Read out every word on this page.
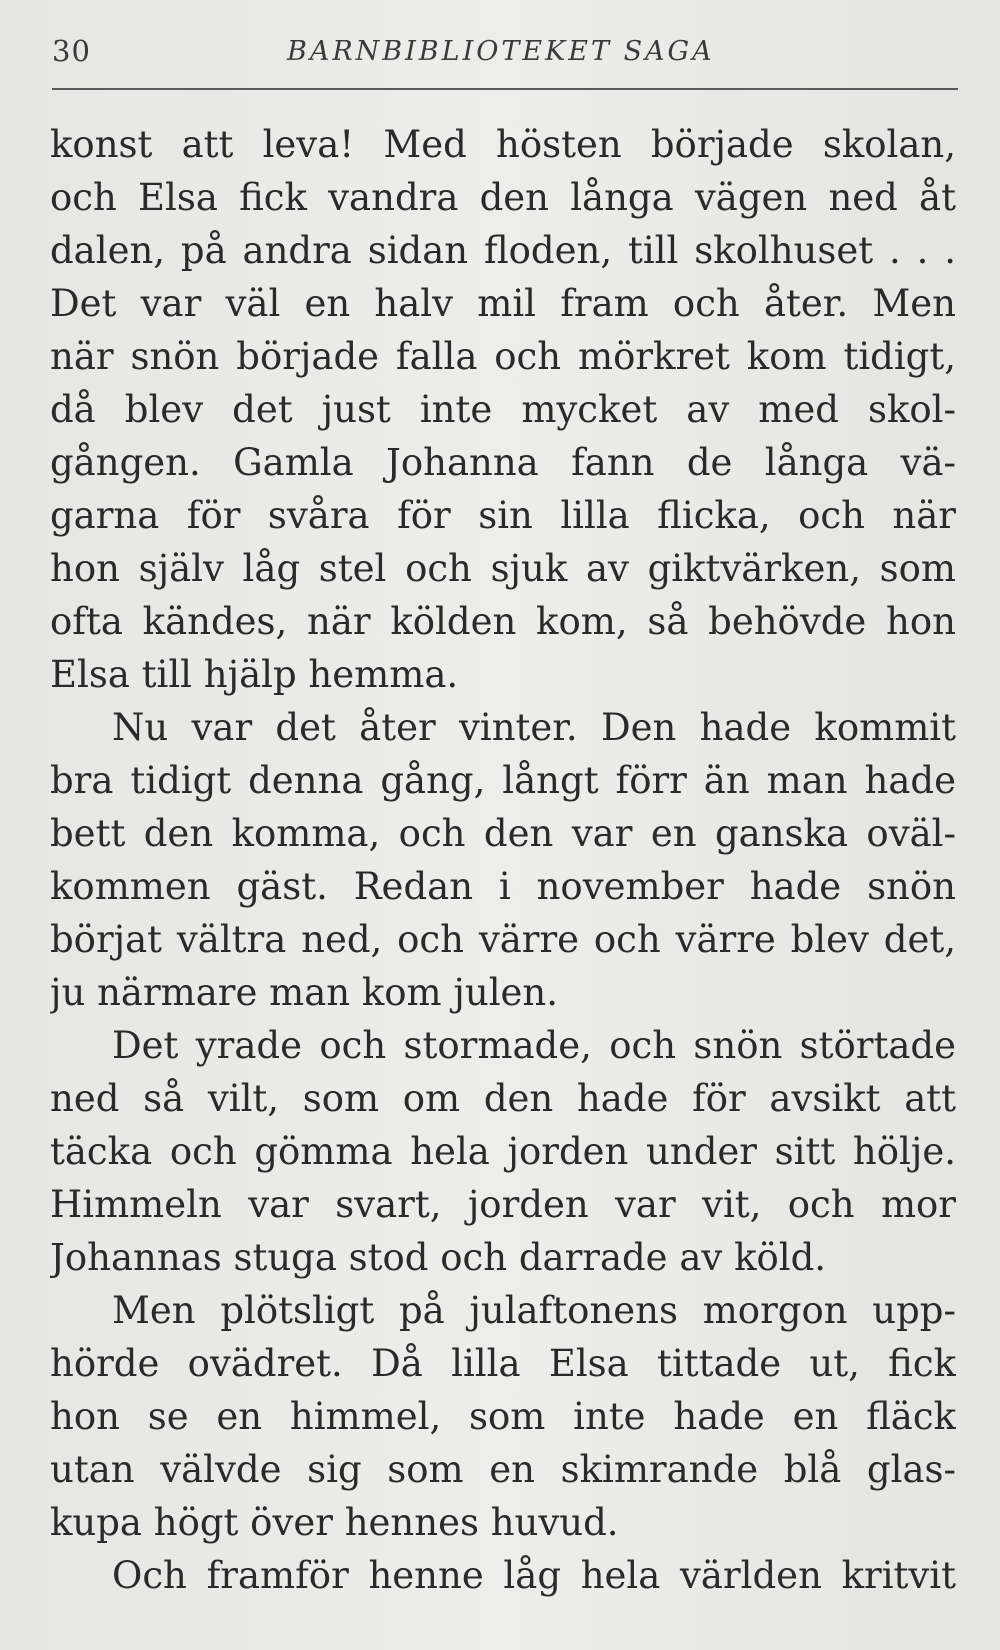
30	BARNBIBLIOTEKET SAGA
konst att leva! Med hösten började skolan,
och Elsa fick vandra den långa vägen ned åt
dalen, på andra sidan floden, till skolhuset . . .
Det var väl en halv mil fram och åter. Men
när snön började falla och mörkret kom tidigt,
då blev det just inte mycket av med skol-
gången. Gamla Johanna fann de långa vä-
garna för svåra för sin lilla flicka, och när
hon själv låg stel och sjuk av giktvärken, som
ofta kändes, när kölden kom, så behövde hon
Elsa till hjälp hemma.
Nu var det åter vinter. Den hade kommit
bra tidigt denna gång, långt förr än man hade
bett den komma, och den var en ganska oväl-
kommen gäst. Redan i november hade snön
börjat vältra ned, och värre och värre blev det,
ju närmare man kom julen.
Det yrade och stormade, och snön störtade
ned så vilt, som om den hade för avsikt att
täcka och gömma hela jorden under sitt hölje.
Himmeln var svart, jorden var vit, och mor
Johannas stuga stod och darrade av köld.
Men plötsligt på julaftonens morgon upp-
hörde ovädret. Då lilla Elsa tittade ut, fick
hon se en himmel, som inte hade en fläck
utan välvde sig som en skimrande blå glas-
kupa högt över hennes huvud.
Och framför henne låg hela världen kritvit
